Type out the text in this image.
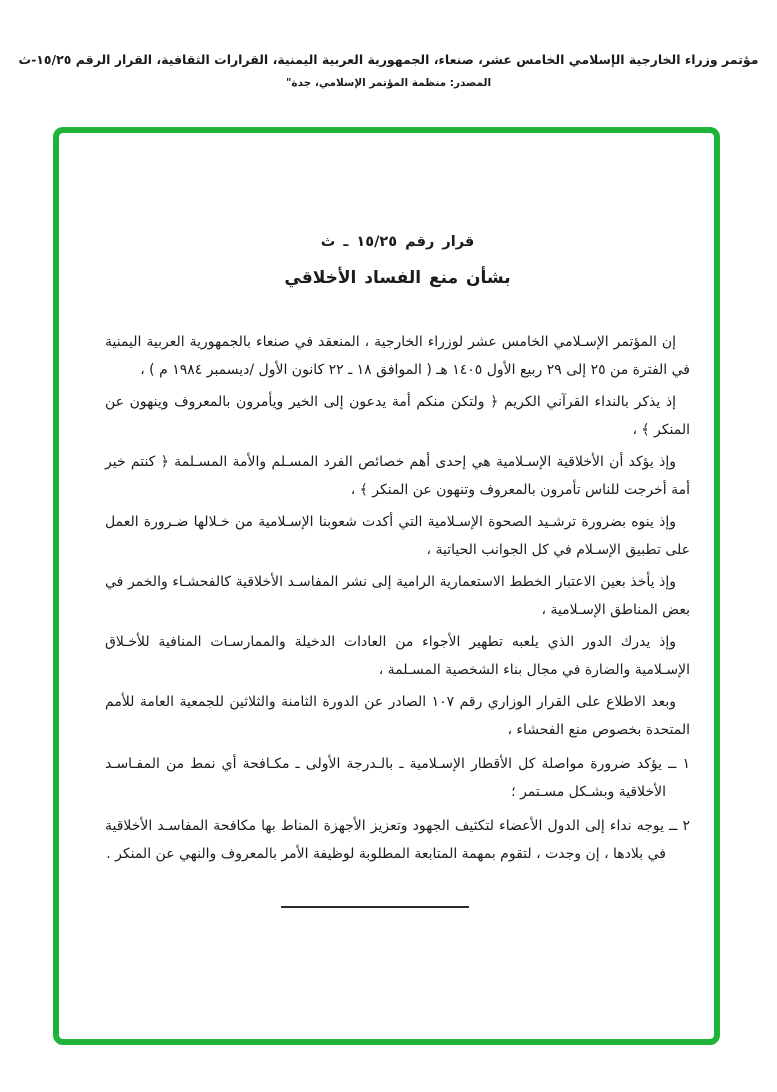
مؤتمر وزراء الخارجية الإسلامي الخامس عشر، صنعاء، الجمهورية العربية اليمنية، القرارات الثقافية، القرار الرقم ١٥/٢٥-ث
المصدر: منظمة المؤتمر الإسلامي، جدة"
قرار رقم ١٥/٢٥ ـ ث
بشأن منع الفساد الأخلاقي

إن المؤتمر الإسـلامي الخامس عشر لوزراء الخارجية ، المنعقد في صنعاء بالجمهورية العربية اليمنية في الفترة من ٢٥ إلى ٢٩ ربيع الأول ١٤٠٥ هـ ( الموافق ١٨ ـ ٢٢ كانون الأول /ديسمبر ١٩٨٤ م ) ،

إذ يذكر بالنداء القرآني الكريم ﴿ ولتكن منكم أمة يدعون إلى الخير ويأمرون بالمعروف وينهون عن المنكر ﴾ ،

وإذ يؤكد أن الأخلاقية الإسـلامية هي إحدى أهم خصائص الفرد المسـلم والأمة المسـلمة ﴿ كنتم خير أمة أخرجت للناس تأمرون بالمعروف وتنهون عن المنكر ﴾ ،

وإذ ينوه بضرورة ترشـيد الصحوة الإسـلامية التي أكدت شعوبنا الإسـلامية من خـلالها ضـرورة العمل على تطبيق الإسـلام في كل الجوانب الحياتية ،

وإذ يأخذ بعين الاعتبار الخطط الاستعمارية الرامية إلى نشر المفاسـد الأخلاقية كالفحشـاء والخمر في بعض المناطق الإسـلامية ،

وإذ يدرك الدور الذي يلعبه تطهير الأجواء من العادات الدخيلة والممارسـات المنافية للأخـلاق الإسـلامية والضارة في مجال بناء الشخصية المسـلمة ،

وبعد الاطلاع على القرار الوزاري رقم ١٠٧ الصادر عن الدورة الثامنة والثلاثين للجمعية العامة للأمم المتحدة بخصوص منع الفحشاء ،

١ ــ يؤكد ضرورة مواصلة كل الأقطار الإسـلامية ـ بالـدرجة الأولى ـ مكـافحة أي نمط من المفـاسـد الأخلاقية وبشـكل مسـتمر ؛

٢ ــ يوجه نداء إلى الدول الأعضاء لتكثيف الجهود وتعزيز الأجهزة المناط بها مكافحة المفاسـد الأخلاقية في بلادها ، إن وجدت ، لتقوم بمهمة المتابعة المطلوبة لوظيفة الأمر بالمعروف والنهي عن المنكر .
